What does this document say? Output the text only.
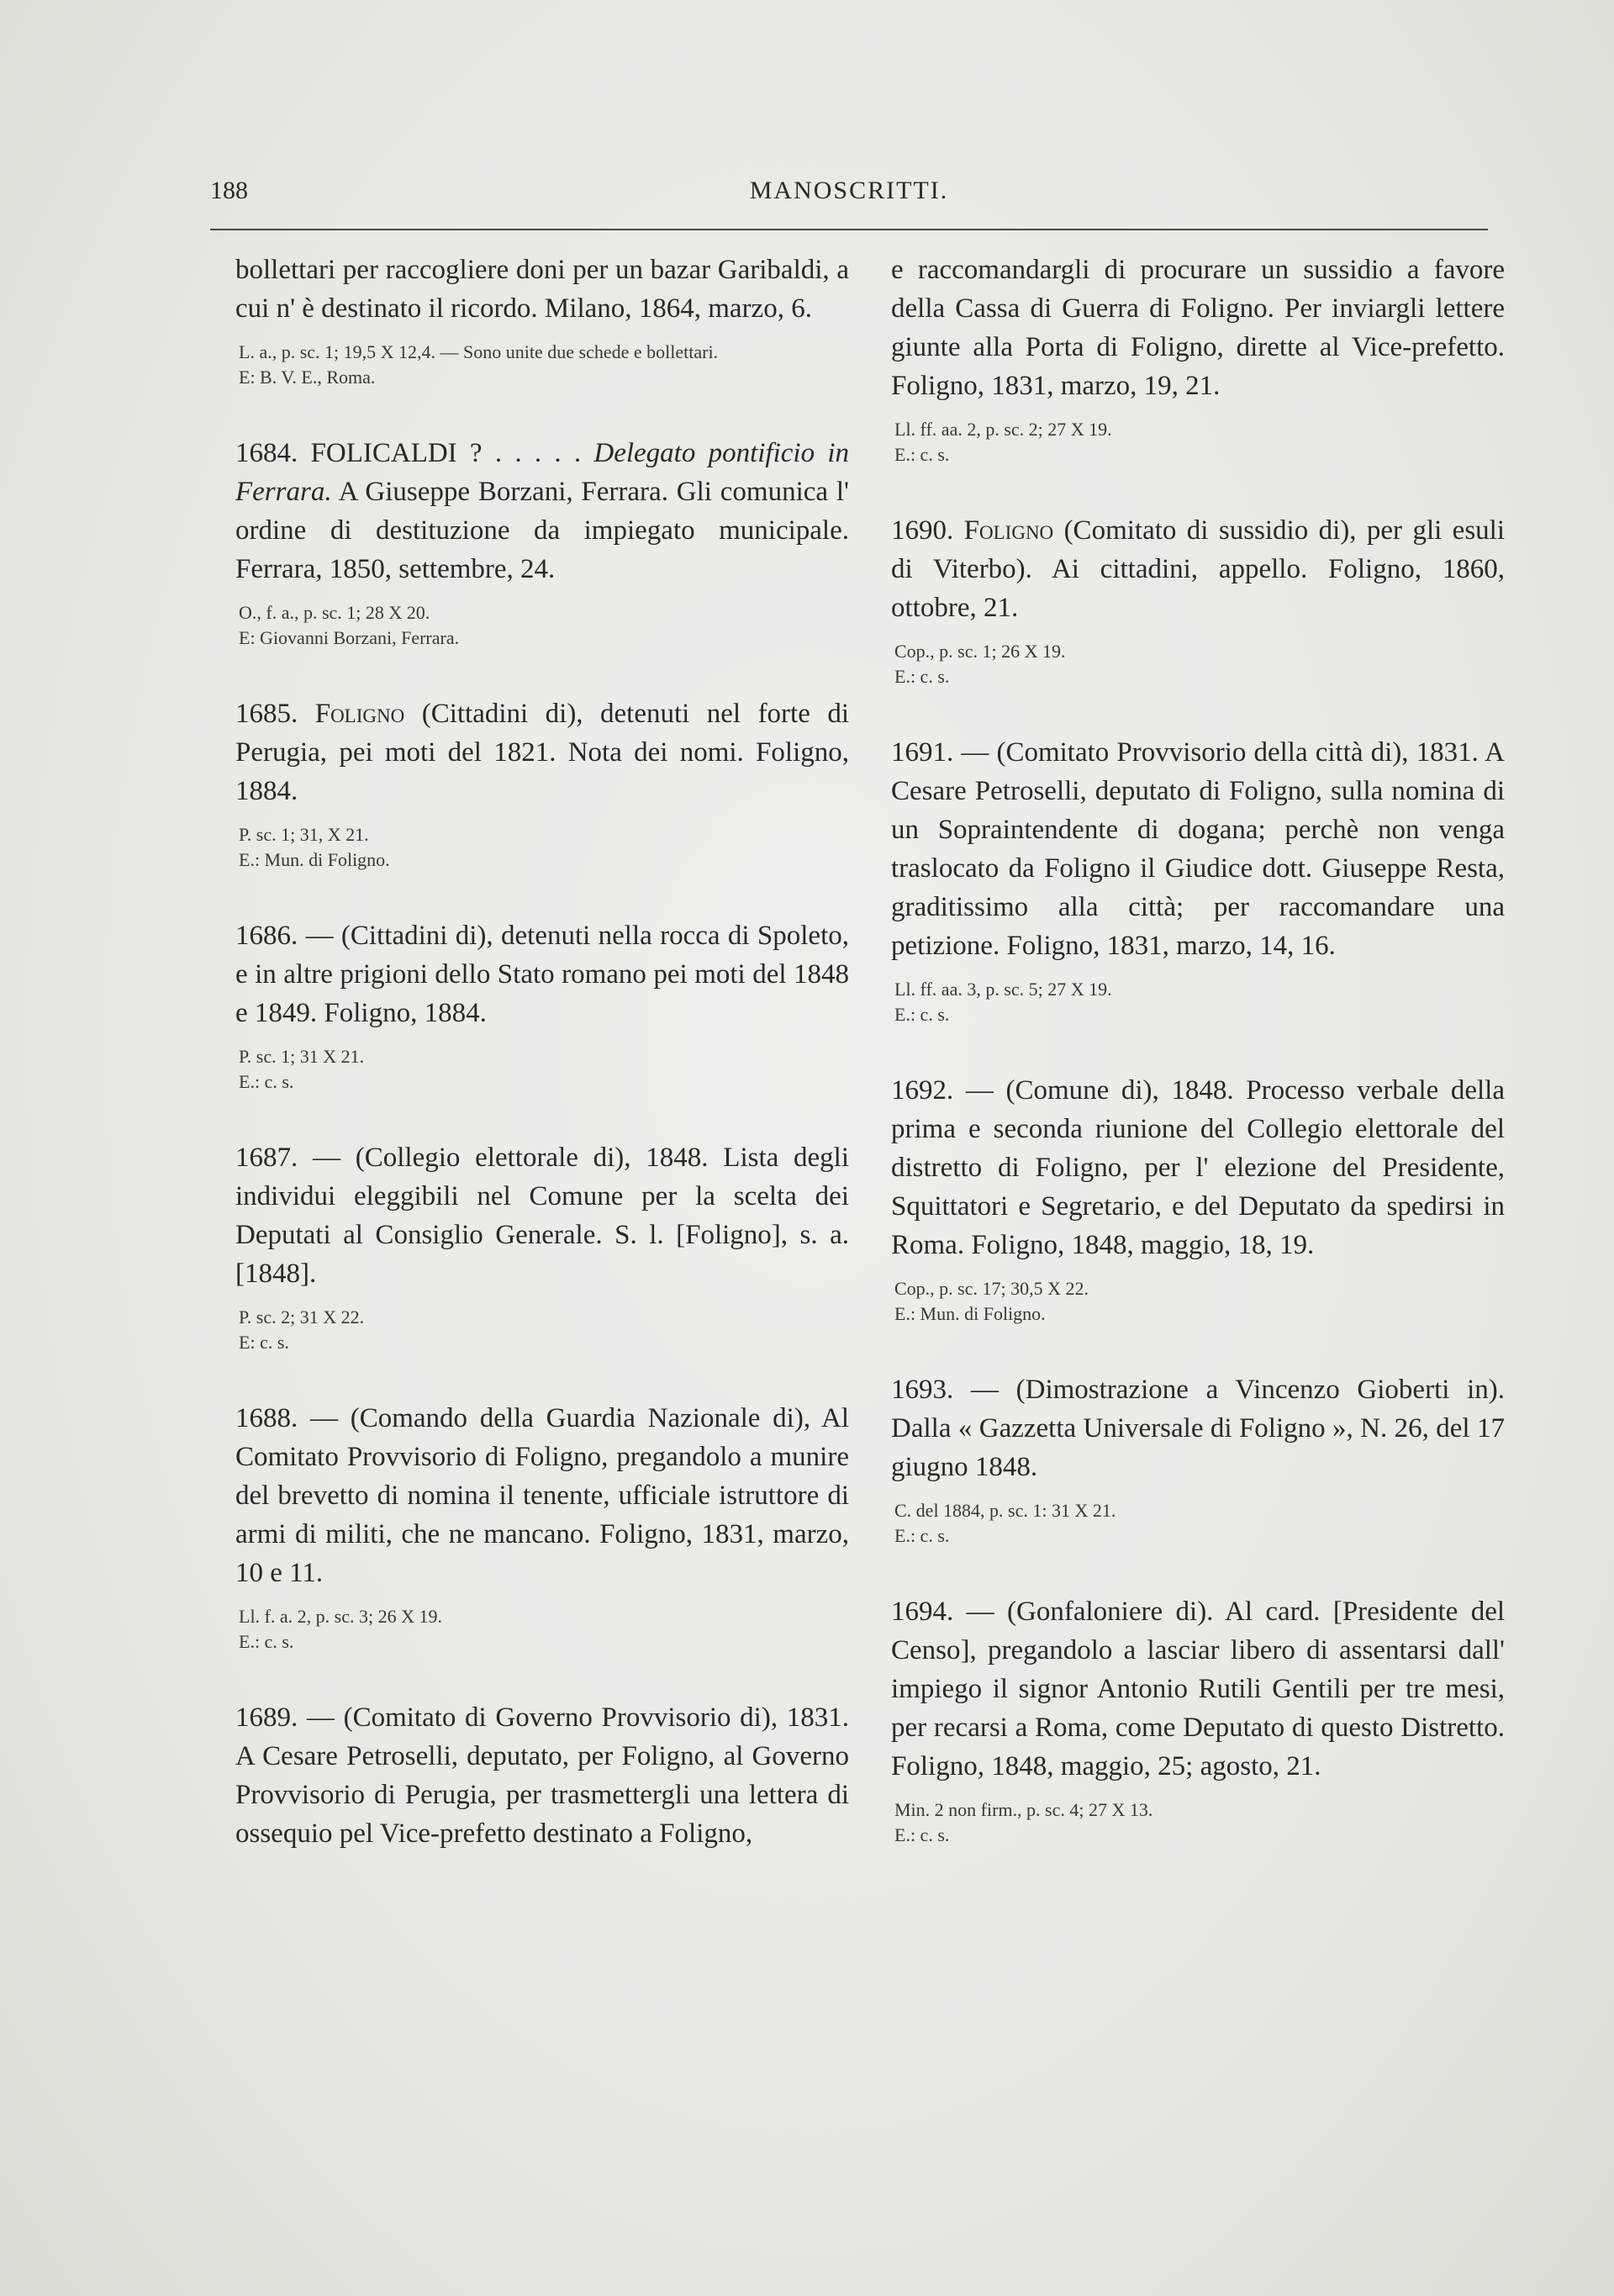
188	MANOSCRITTI.

bollettari per raccogliere doni per un bazar Garibaldi, a cui n' è destinato il ricordo. Milano, 1864, marzo, 6.

L. a., p. sc. 1; 19,5 X 12,4. — Sono unite due schede e bollettari.
E: B. V. E., Roma.

1684. FOLICALDI ? . . . . . Delegato pontificio in Ferrara. A Giuseppe Borzani, Ferrara. Gli comunica l' ordine di destituzione da impiegato municipale. Ferrara, 1850, settembre, 24.

O., f. a., p. sc. 1; 28 X 20.
E: Giovanni Borzani, Ferrara.

1685. Foligno (Cittadini di), detenuti nel forte di Perugia, pei moti del 1821. Nota dei nomi. Foligno, 1884.

P. sc. 1; 31, X 21.
E.: Mun. di Foligno.

1686. — (Cittadini di), detenuti nella rocca di Spoleto, e in altre prigioni dello Stato romano pei moti del 1848 e 1849. Foligno, 1884.

P. sc. 1; 31 X 21.
E.: c. s.

1687. — (Collegio elettorale di), 1848. Lista degli individui eleggibili nel Comune per la scelta dei Deputati al Consiglio Generale. S. l. [Foligno], s. a. [1848].

P. sc. 2; 31 X 22.
E: c. s.

1688. — (Comando della Guardia Nazionale di), Al Comitato Provvisorio di Foligno, pregandolo a munire del brevetto di nomina il tenente, ufficiale istruttore di armi di militi, che ne mancano. Foligno, 1831, marzo, 10 e 11.

Ll. f. a. 2, p. sc. 3; 26 X 19.
E.: c. s.

1689. — (Comitato di Governo Provvisorio di), 1831. A Cesare Petroselli, deputato, per Foligno, al Governo Provvisorio di Perugia, per trasmettergli una lettera di ossequio pel Vice-prefetto destinato a Foligno,

e raccomandargli di procurare un sussidio a favore della Cassa di Guerra di Foligno. Per inviargli lettere giunte alla Porta di Foligno, dirette al Vice-prefetto. Foligno, 1831, marzo, 19, 21.

Ll. ff. aa. 2, p. sc. 2; 27 X 19.
E.: c. s.

1690. Foligno (Comitato di sussidio di), per gli esuli di Viterbo). Ai cittadini, appello. Foligno, 1860, ottobre, 21.

Cop., p. sc. 1; 26 X 19.
E.: c. s.

1691. — (Comitato Provvisorio della città di), 1831. A Cesare Petroselli, deputato di Foligno, sulla nomina di un Sopraintendente di dogana; perchè non venga traslocato da Foligno il Giudice dott. Giuseppe Resta, graditissimo alla città; per raccomandare una petizione. Foligno, 1831, marzo, 14, 16.

Ll. ff. aa. 3, p. sc. 5; 27 X 19.
E.: c. s.

1692. — (Comune di), 1848. Processo verbale della prima e seconda riunione del Collegio elettorale del distretto di Foligno, per l' elezione del Presidente, Squittatori e Segretario, e del Deputato da spedirsi in Roma. Foligno, 1848, maggio, 18, 19.

Cop., p. sc. 17; 30,5 X 22.
E.: Mun. di Foligno.

1693. — (Dimostrazione a Vincenzo Gioberti in). Dalla « Gazzetta Universale di Foligno », N. 26, del 17 giugno 1848.

C. del 1884, p. sc. 1: 31 X 21.
E.: c. s.

1694. — (Gonfaloniere di). Al card. [Presidente del Censo], pregandolo a lasciar libero di assentarsi dall' impiego il signor Antonio Rutili Gentili per tre mesi, per recarsi a Roma, come Deputato di questo Distretto. Foligno, 1848, maggio, 25; agosto, 21.

Min. 2 non firm., p. sc. 4; 27 X 13.
E.: c. s.
